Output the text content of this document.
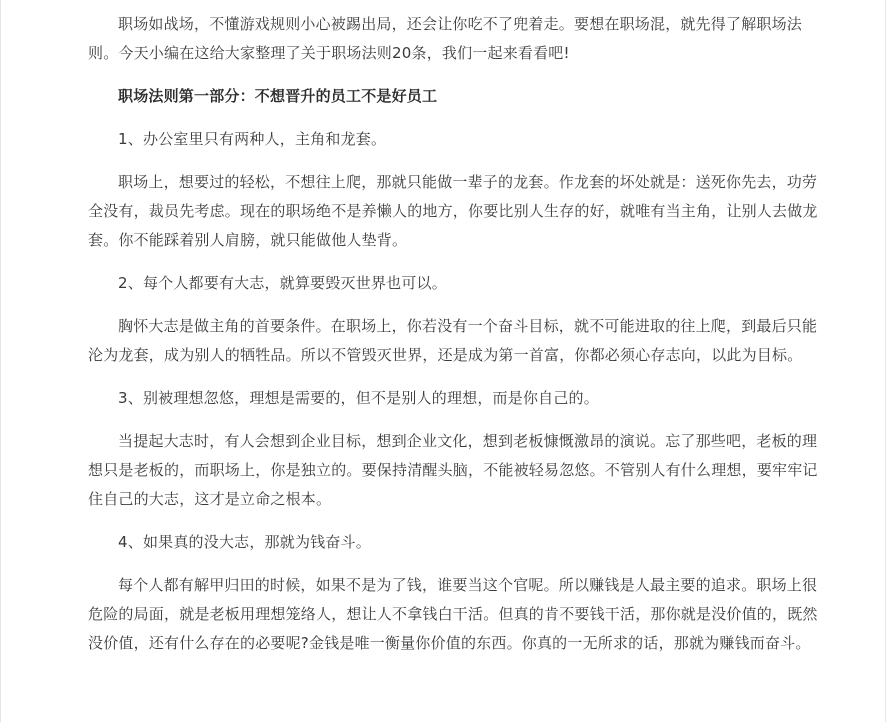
职场如战场，不懂游戏规则小心被踢出局，还会让你吃不了兜着走。要想在职场混，就先得了解职场法则。今天小编在这给大家整理了关于职场法则20条，我们一起来看看吧!

职场法则第一部分：不想晋升的员工不是好员工

1、办公室里只有两种人，主角和龙套。

职场上，想要过的轻松，不想往上爬，那就只能做一辈子的龙套。作龙套的坏处就是：送死你先去，功劳全没有，裁员先考虑。现在的职场绝不是养懒人的地方，你要比别人生存的好，就唯有当主角，让别人去做龙套。你不能踩着别人肩膀，就只能做他人垫背。

2、每个人都要有大志，就算要毁灭世界也可以。

胸怀大志是做主角的首要条件。在职场上，你若没有一个奋斗目标，就不可能进取的往上爬，到最后只能沦为龙套，成为别人的牺牲品。所以不管毁灭世界，还是成为第一首富，你都必须心存志向，以此为目标。

3、别被理想忽悠，理想是需要的，但不是别人的理想，而是你自己的。

当提起大志时，有人会想到企业目标，想到企业文化，想到老板慷慨激昂的演说。忘了那些吧，老板的理想只是老板的，而职场上，你是独立的。要保持清醒头脑，不能被轻易忽悠。不管别人有什么理想，要牢牢记住自己的大志，这才是立命之根本。

4、如果真的没大志，那就为钱奋斗。

每个人都有解甲归田的时候，如果不是为了钱，谁要当这个官呢。所以赚钱是人最主要的追求。职场上很危险的局面，就是老板用理想笼络人，想让人不拿钱白干活。但真的肯不要钱干活，那你就是没价值的，既然没价值，还有什么存在的必要呢?金钱是唯一衡量你价值的东西。你真的一无所求的话，那就为赚钱而奋斗。
